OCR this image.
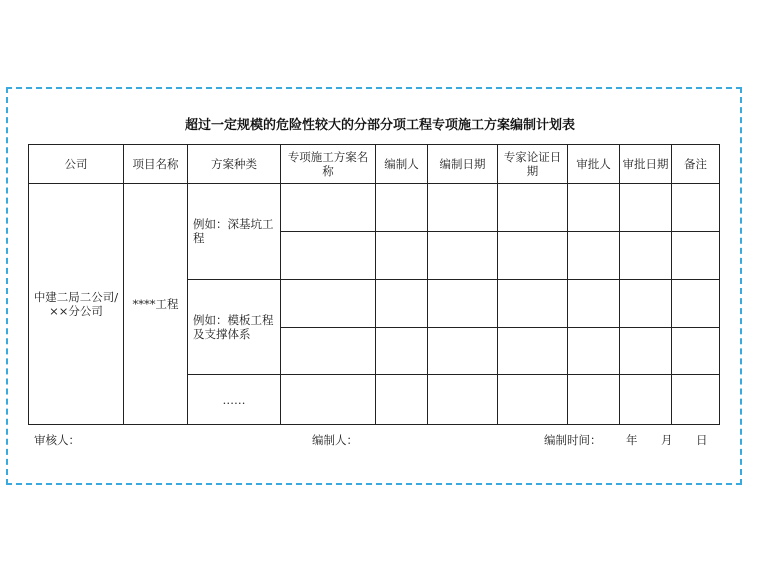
超过一定规模的危险性较大的分部分项工程专项施工方案编制计划表
公司	项目名称	方案种类	专项施工方案名称	编制人	编制日期	专家论证日期	审批人	审批日期	备注
中建二局二公司/××分公司	****工程	例如：深基坑工程							

		例如：模板工程及支撑体系							

		……							
审核人：	编制人：	编制时间： 年 月 日
